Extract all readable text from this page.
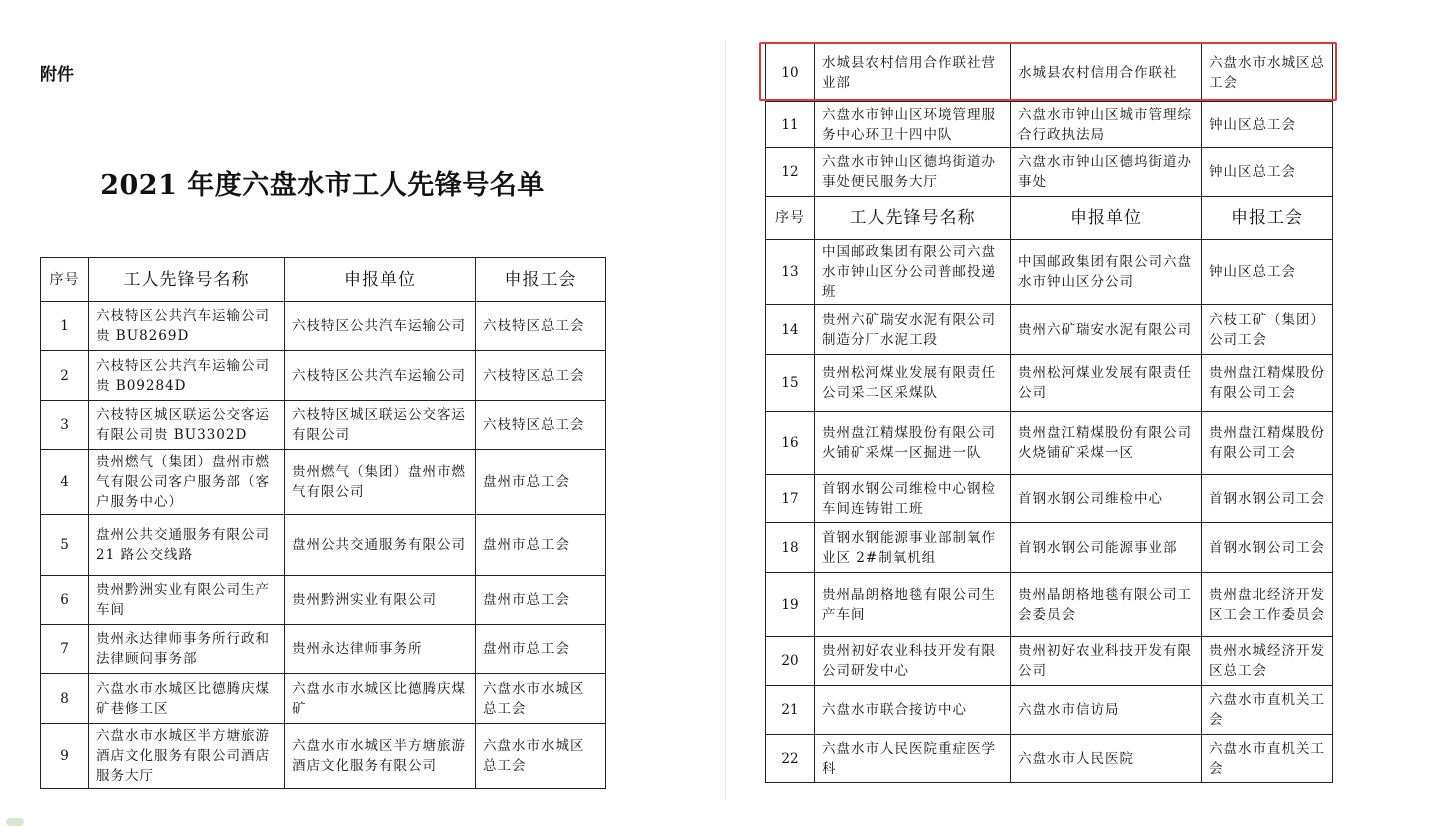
附件
2021 年度六盘水市工人先锋号名单
序号	工人先锋号名称	申报单位	申报工会
1	六枝特区公共汽车运输公司贵 BU8269D	六枝特区公共汽车运输公司	六枝特区总工会
2	六枝特区公共汽车运输公司贵 B09284D	六枝特区公共汽车运输公司	六枝特区总工会
3	六枝特区城区联运公交客运有限公司贵 BU3302D	六枝特区城区联运公交客运有限公司	六枝特区总工会
4	贵州燃气（集团）盘州市燃气有限公司客户服务部（客户服务中心）	贵州燃气（集团）盘州市燃气有限公司	盘州市总工会
5	盘州公共交通服务有限公司 21 路公交线路	盘州公共交通服务有限公司	盘州市总工会
6	贵州黔洲实业有限公司生产车间	贵州黔洲实业有限公司	盘州市总工会
7	贵州永达律师事务所行政和法律顾问事务部	贵州永达律师事务所	盘州市总工会
8	六盘水市水城区比德腾庆煤矿巷修工区	六盘水市水城区比德腾庆煤矿	六盘水市水城区总工会
9	六盘水市水城区半方塘旅游酒店文化服务有限公司酒店服务大厅	六盘水市水城区半方塘旅游酒店文化服务有限公司	六盘水市水城区总工会
10	水城县农村信用合作联社营业部	水城县农村信用合作联社	六盘水市水城区总工会
11	六盘水市钟山区环境管理服务中心环卫十四中队	六盘水市钟山区城市管理综合行政执法局	钟山区总工会
12	六盘水市钟山区德坞街道办事处便民服务大厅	六盘水市钟山区德坞街道办事处	钟山区总工会
序号	工人先锋号名称	申报单位	申报工会
13	中国邮政集团有限公司六盘水市钟山区分公司普邮投递班	中国邮政集团有限公司六盘水市钟山区分公司	钟山区总工会
14	贵州六矿瑞安水泥有限公司制造分厂水泥工段	贵州六矿瑞安水泥有限公司	六枝工矿（集团）公司工会
15	贵州松河煤业发展有限责任公司采二区采煤队	贵州松河煤业发展有限责任公司	贵州盘江精煤股份有限公司工会
16	贵州盘江精煤股份有限公司火铺矿采煤一区掘进一队	贵州盘江精煤股份有限公司火烧铺矿采煤一区	贵州盘江精煤股份有限公司工会
17	首钢水钢公司维检中心钢检车间连铸钳工班	首钢水钢公司维检中心	首钢水钢公司工会
18	首钢水钢能源事业部制氧作业区 2#制氧机组	首钢水钢公司能源事业部	首钢水钢公司工会
19	贵州晶朗格地毯有限公司生产车间	贵州晶朗格地毯有限公司工会委员会	贵州盘北经济开发区工会工作委员会
20	贵州初好农业科技开发有限公司研发中心	贵州初好农业科技开发有限公司	贵州水城经济开发区总工会
21	六盘水市联合接访中心	六盘水市信访局	六盘水市直机关工会
22	六盘水市人民医院重症医学科	六盘水市人民医院	六盘水市直机关工会
